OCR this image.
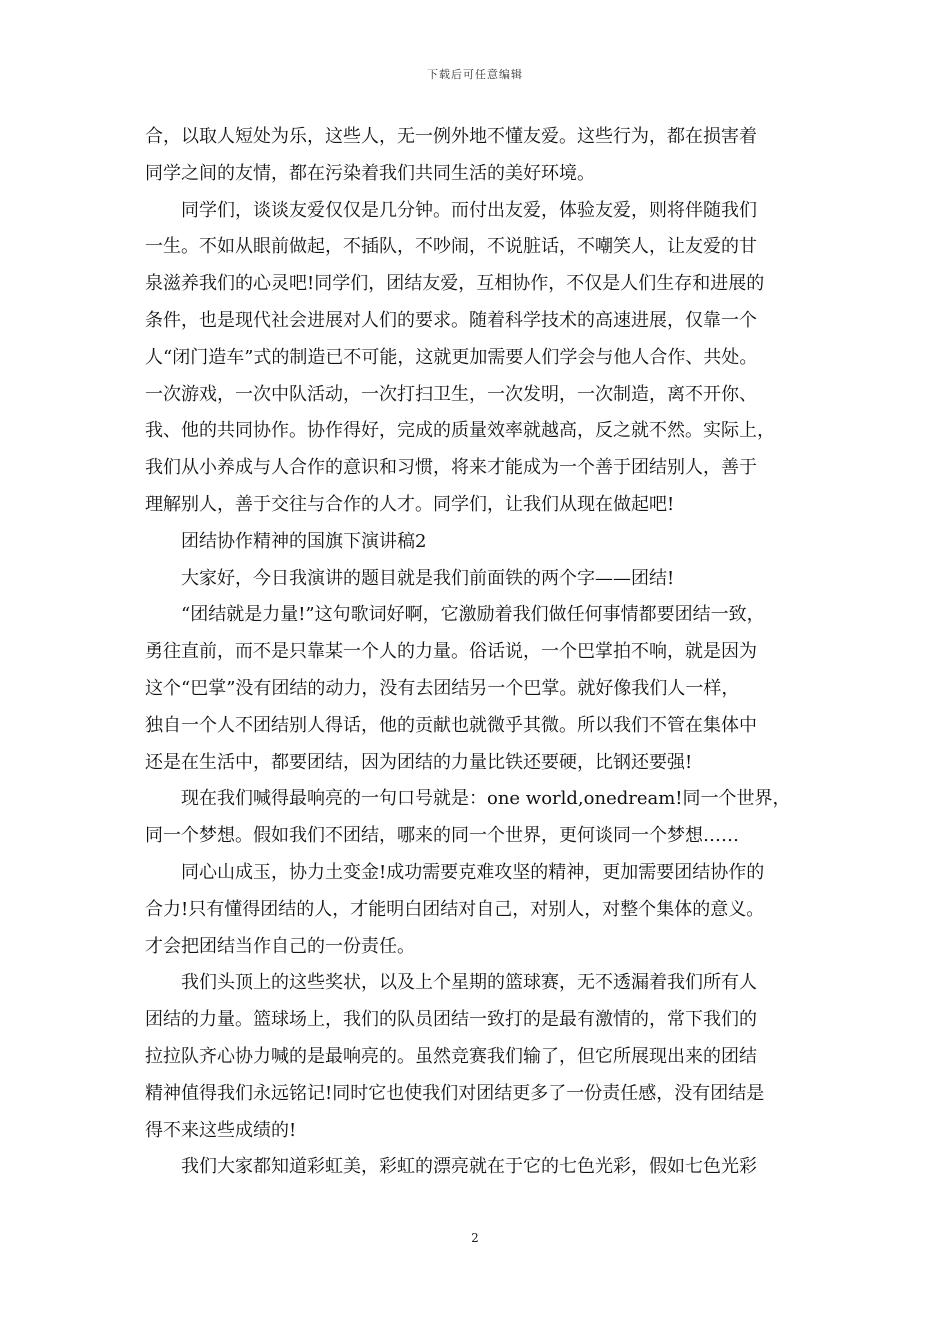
下载后可任意编辑
合，以取人短处为乐，这些人，无一例外地不懂友爱。这些行为，都在损害着
同学之间的友情，都在污染着我们共同生活的美好环境。
　　同学们，谈谈友爱仅仅是几分钟。而付出友爱，体验友爱，则将伴随我们
一生。不如从眼前做起，不插队，不吵闹，不说脏话，不嘲笑人，让友爱的甘
泉滋养我们的心灵吧!同学们，团结友爱，互相协作，不仅是人们生存和进展的
条件，也是现代社会进展对人们的要求。随着科学技术的高速进展，仅靠一个
人“闭门造车”式的制造已不可能，这就更加需要人们学会与他人合作、共处。
一次游戏，一次中队活动，一次打扫卫生，一次发明，一次制造，离不开你、
我、他的共同协作。协作得好，完成的质量效率就越高，反之就不然。实际上，
我们从小养成与人合作的意识和习惯，将来才能成为一个善于团结别人，善于
理解别人，善于交往与合作的人才。同学们，让我们从现在做起吧!
　　团结协作精神的国旗下演讲稿2
　　大家好，今日我演讲的题目就是我们前面铁的两个字——团结!
　　“团结就是力量!”这句歌词好啊，它激励着我们做任何事情都要团结一致，
勇往直前，而不是只靠某一个人的力量。俗话说，一个巴掌拍不响，就是因为
这个“巴掌”没有团结的动力，没有去团结另一个巴掌。就好像我们人一样，
独自一个人不团结别人得话，他的贡献也就微乎其微。所以我们不管在集体中
还是在生活中，都要团结，因为团结的力量比铁还要硬，比钢还要强!
　　现在我们喊得最响亮的一句口号就是：one world,onedream!同一个世界，
同一个梦想。假如我们不团结，哪来的同一个世界，更何谈同一个梦想……
　　同心山成玉，协力土变金!成功需要克难攻坚的精神，更加需要团结协作的
合力!只有懂得团结的人，才能明白团结对自己，对别人，对整个集体的意义。
才会把团结当作自己的一份责任。
　　我们头顶上的这些奖状，以及上个星期的篮球赛，无不透漏着我们所有人
团结的力量。篮球场上，我们的队员团结一致打的是最有激情的，常下我们的
拉拉队齐心协力喊的是最响亮的。虽然竞赛我们输了，但它所展现出来的团结
精神值得我们永远铭记!同时它也使我们对团结更多了一份责任感，没有团结是
得不来这些成绩的!
　　我们大家都知道彩虹美，彩虹的漂亮就在于它的七色光彩，假如七色光彩
2
